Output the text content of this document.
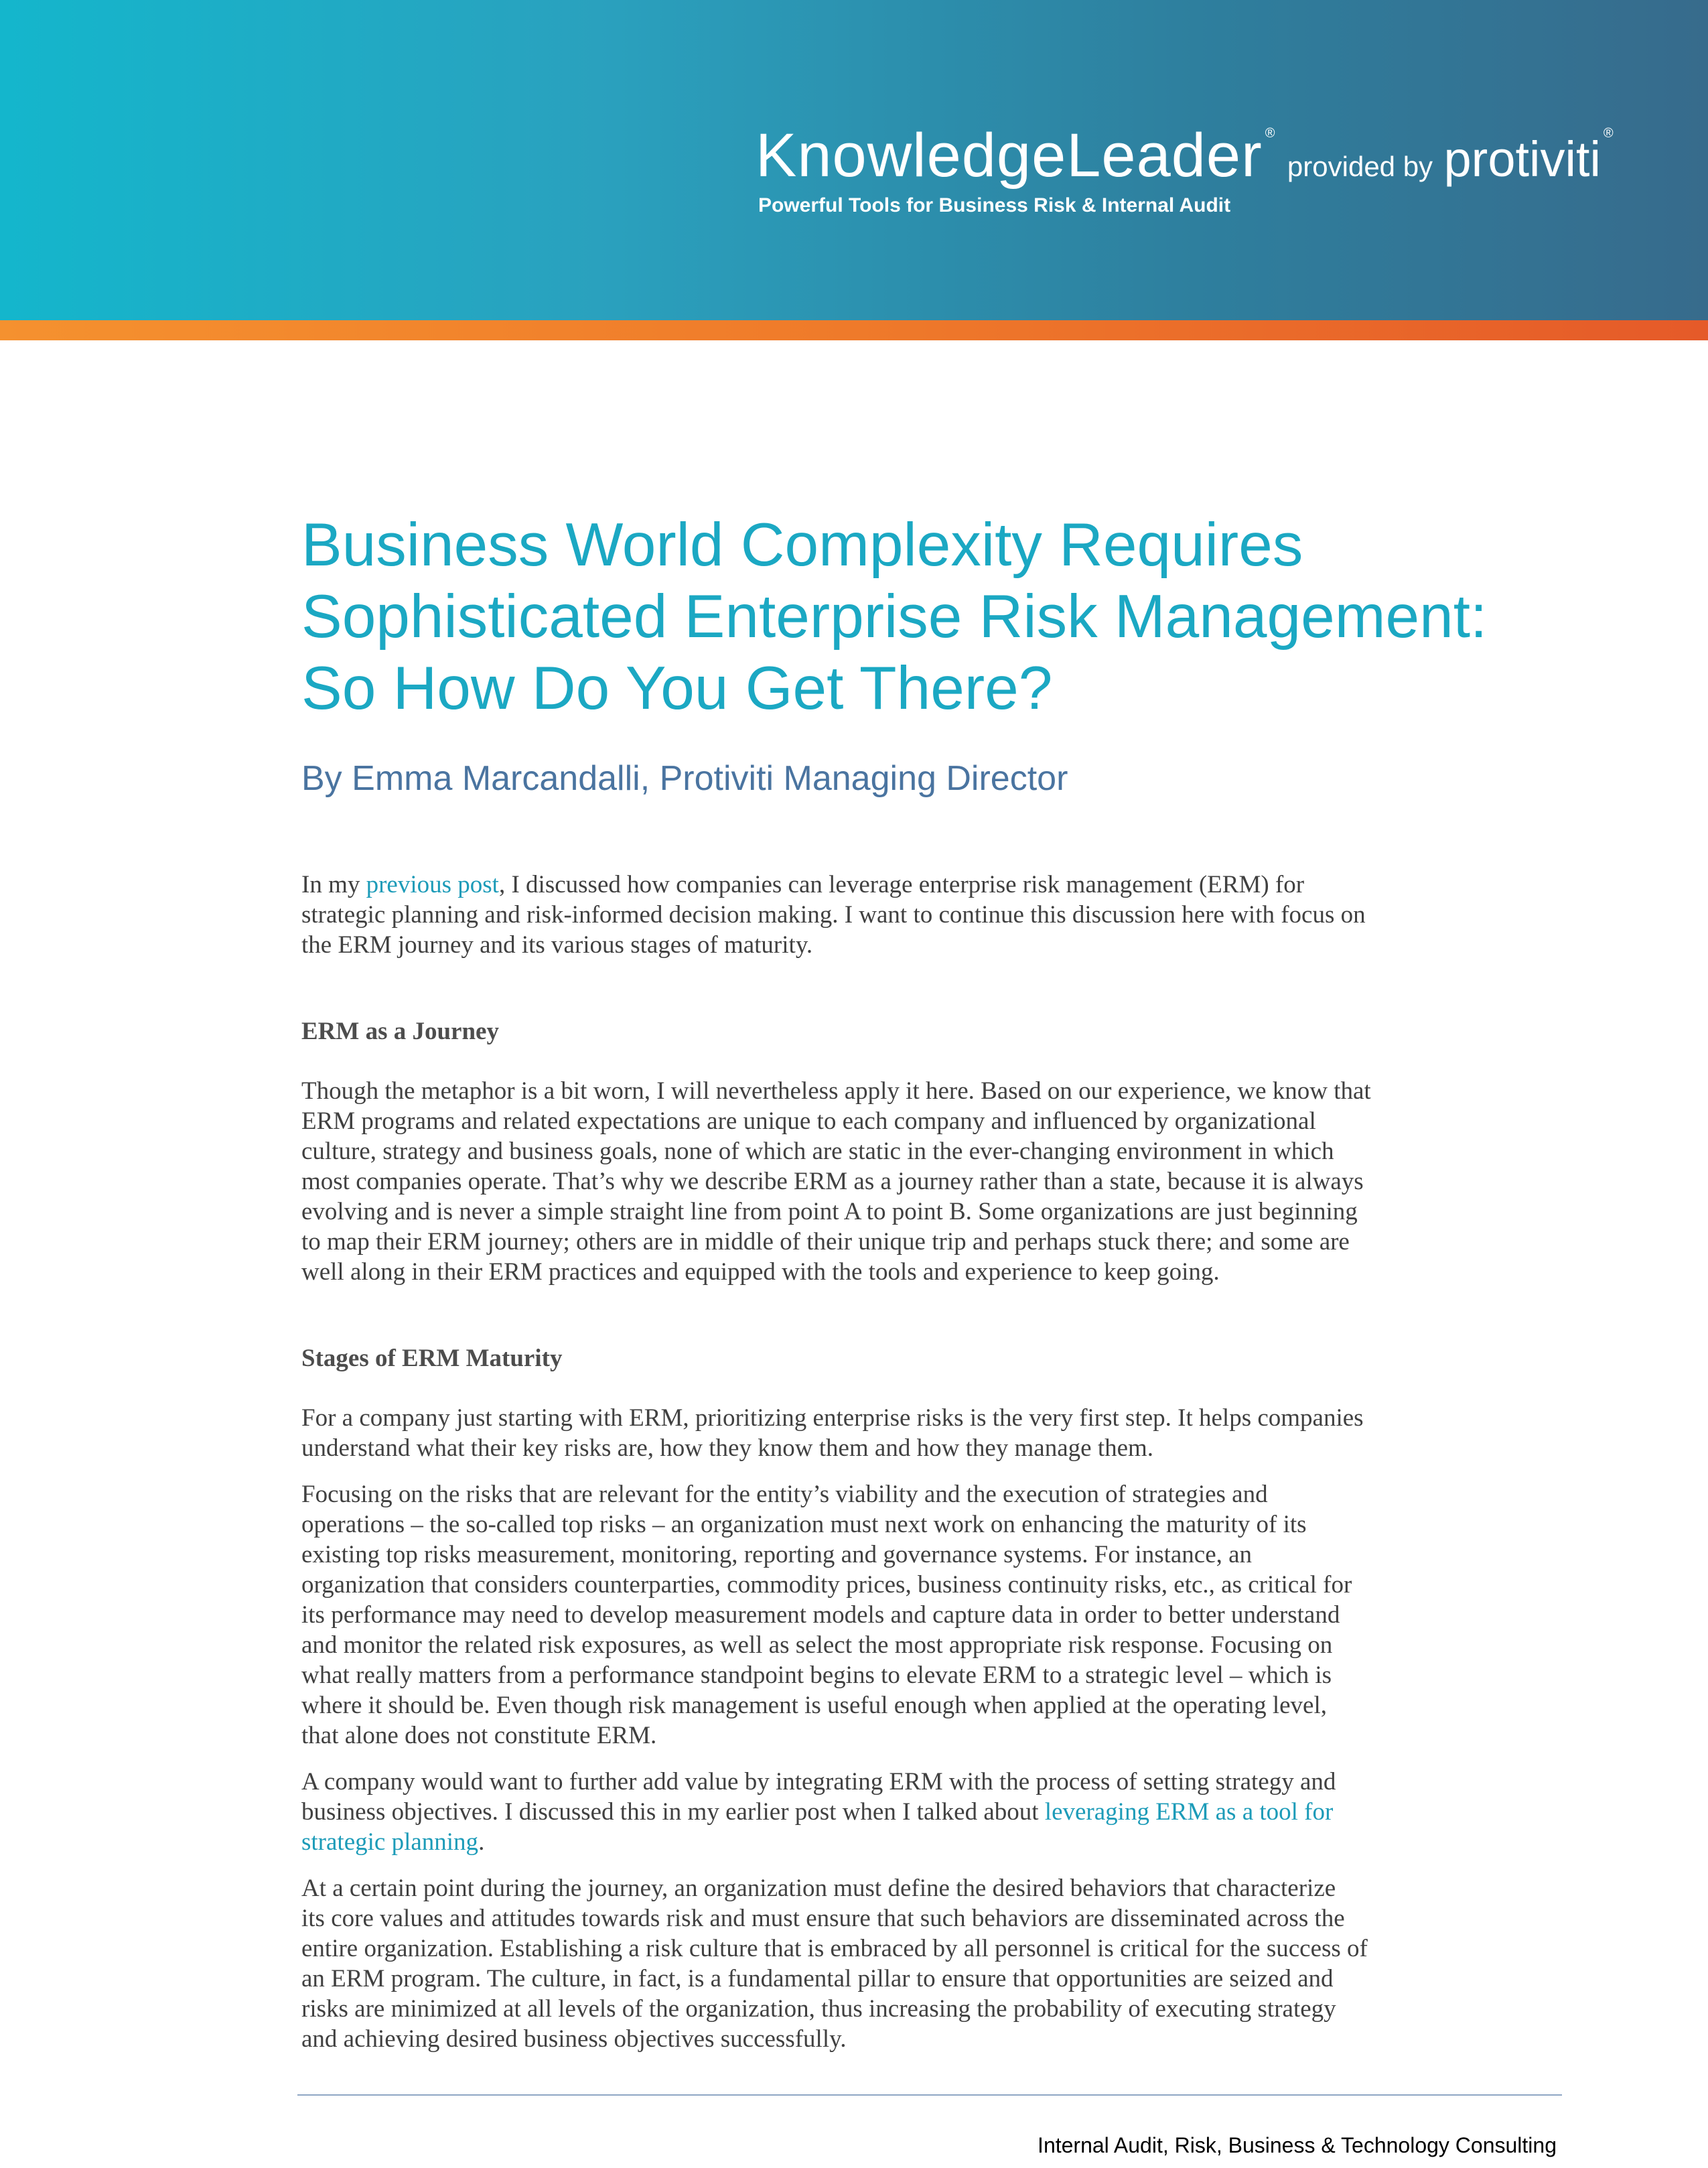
KnowledgeLeader ® provided by protiviti ®
Powerful Tools for Business Risk & Internal Audit
Business World Complexity Requires
Sophisticated Enterprise Risk Management:
So How Do You Get There?

By Emma Marcandalli, Protiviti Managing Director

In my previous post, I discussed how companies can leverage enterprise risk management (ERM) for
strategic planning and risk-informed decision making. I want to continue this discussion here with focus on
the ERM journey and its various stages of maturity.

ERM as a Journey

Though the metaphor is a bit worn, I will nevertheless apply it here. Based on our experience, we know that
ERM programs and related expectations are unique to each company and influenced by organizational
culture, strategy and business goals, none of which are static in the ever-changing environment in which
most companies operate. That’s why we describe ERM as a journey rather than a state, because it is always
evolving and is never a simple straight line from point A to point B. Some organizations are just beginning
to map their ERM journey; others are in middle of their unique trip and perhaps stuck there; and some are
well along in their ERM practices and equipped with the tools and experience to keep going.

Stages of ERM Maturity

For a company just starting with ERM, prioritizing enterprise risks is the very first step. It helps companies
understand what their key risks are, how they know them and how they manage them.

Focusing on the risks that are relevant for the entity’s viability and the execution of strategies and
operations – the so-called top risks – an organization must next work on enhancing the maturity of its
existing top risks measurement, monitoring, reporting and governance systems. For instance, an
organization that considers counterparties, commodity prices, business continuity risks, etc., as critical for
its performance may need to develop measurement models and capture data in order to better understand
and monitor the related risk exposures, as well as select the most appropriate risk response. Focusing on
what really matters from a performance standpoint begins to elevate ERM to a strategic level – which is
where it should be. Even though risk management is useful enough when applied at the operating level,
that alone does not constitute ERM.

A company would want to further add value by integrating ERM with the process of setting strategy and
business objectives. I discussed this in my earlier post when I talked about leveraging ERM as a tool for
strategic planning.

At a certain point during the journey, an organization must define the desired behaviors that characterize
its core values and attitudes towards risk and must ensure that such behaviors are disseminated across the
entire organization. Establishing a risk culture that is embraced by all personnel is critical for the success of
an ERM program. The culture, in fact, is a fundamental pillar to ensure that opportunities are seized and
risks are minimized at all levels of the organization, thus increasing the probability of executing strategy
and achieving desired business objectives successfully.

Internal Audit, Risk, Business & Technology Consulting
